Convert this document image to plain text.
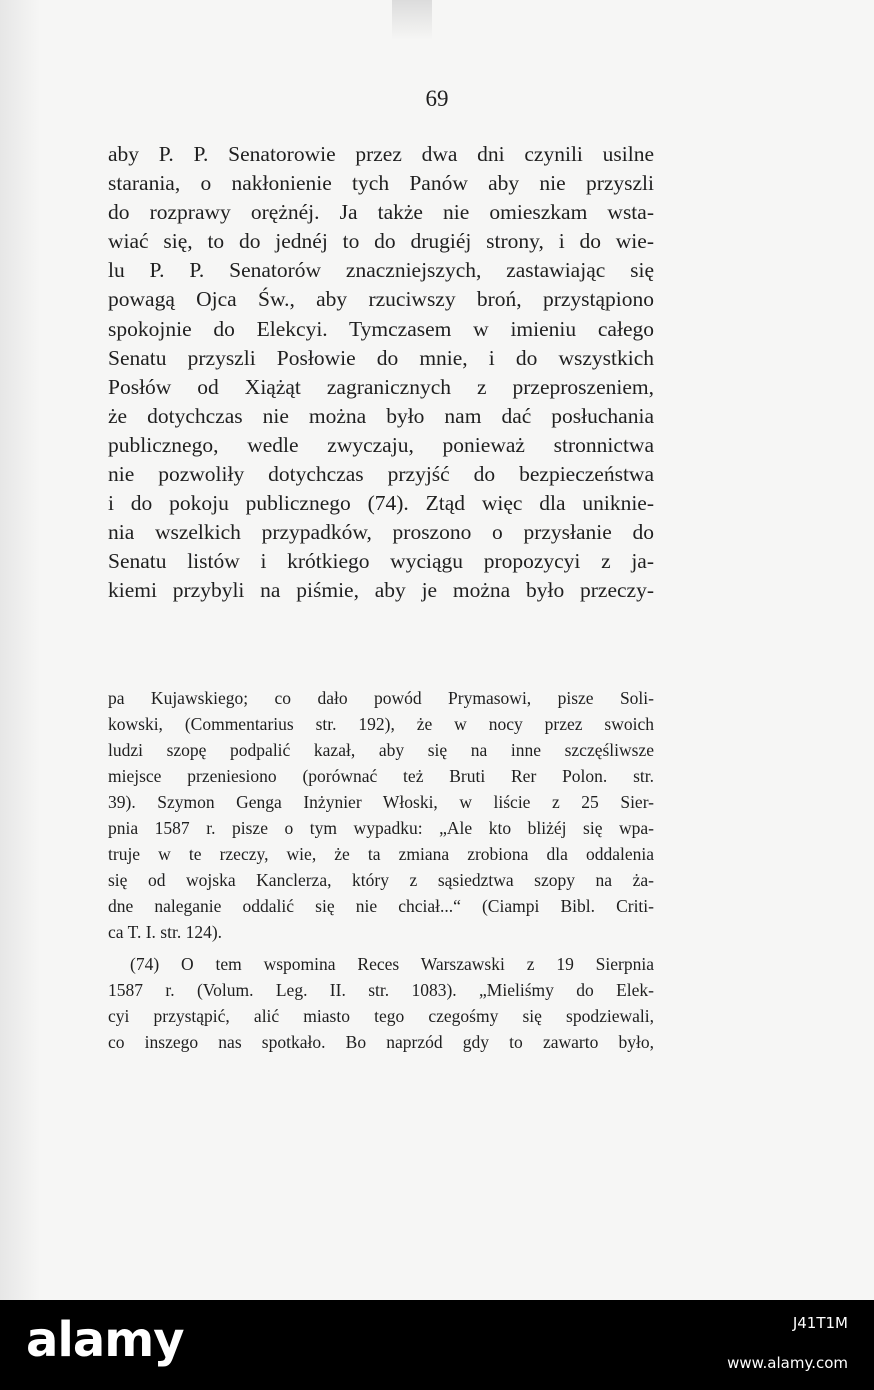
69
aby P. P. Senatorowie przez dwa dni czynili usilne
starania, o nakłonienie tych Panów aby nie przyszli
do rozprawy orężnéj. Ja także nie omieszkam wsta-
wiać się, to do jednéj to do drugiéj strony, i do wie-
lu P. P. Senatorów znaczniejszych, zastawiając się
powagą Ojca Św., aby rzuciwszy broń, przystąpiono
spokojnie do Elekcyi. Tymczasem w imieniu całego
Senatu przyszli Posłowie do mnie, i do wszystkich
Posłów od Xiążąt zagranicznych z przeproszeniem,
że dotychczas nie można było nam dać posłuchania
publicznego, wedle zwyczaju, ponieważ stronnictwa
nie pozwoliły dotychczas przyjść do bezpieczeństwa
i do pokoju publicznego (74). Ztąd więc dla uniknie-
nia wszelkich przypadków, proszono o przysłanie do
Senatu listów i krótkiego wyciągu propozycyi z ja-
kiemi przybyli na piśmie, aby je można było przeczy-
pa Kujawskiego; co dało powód Prymasowi, pisze Soli-
kowski, (Commentarius str. 192), że w nocy przez swoich
ludzi szopę podpalić kazał, aby się na inne szczęśliwsze
miejsce przeniesiono (porównać też Bruti Rer Polon. str.
39). Szymon Genga Inżynier Włoski, w liście z 25 Sier-
pnia 1587 r. pisze o tym wypadku: „Ale kto bliżéj się wpa-
truje w te rzeczy, wie, że ta zmiana zrobiona dla oddalenia
się od wojska Kanclerza, który z sąsiedztwa szopy na ża-
dne naleganie oddalić się nie chciał...“ (Ciampi Bibl. Criti-
ca T. I. str. 124).
(74) O tem wspomina Reces Warszawski z 19 Sierpnia
1587 r. (Volum. Leg. II. str. 1083). „Mieliśmy do Elek-
cyi przystąpić, alić miasto tego czegośmy się spodziewali,
co inszego nas spotkało. Bo naprzód gdy to zawarto było,
alamy	J41T1M
www.alamy.com
